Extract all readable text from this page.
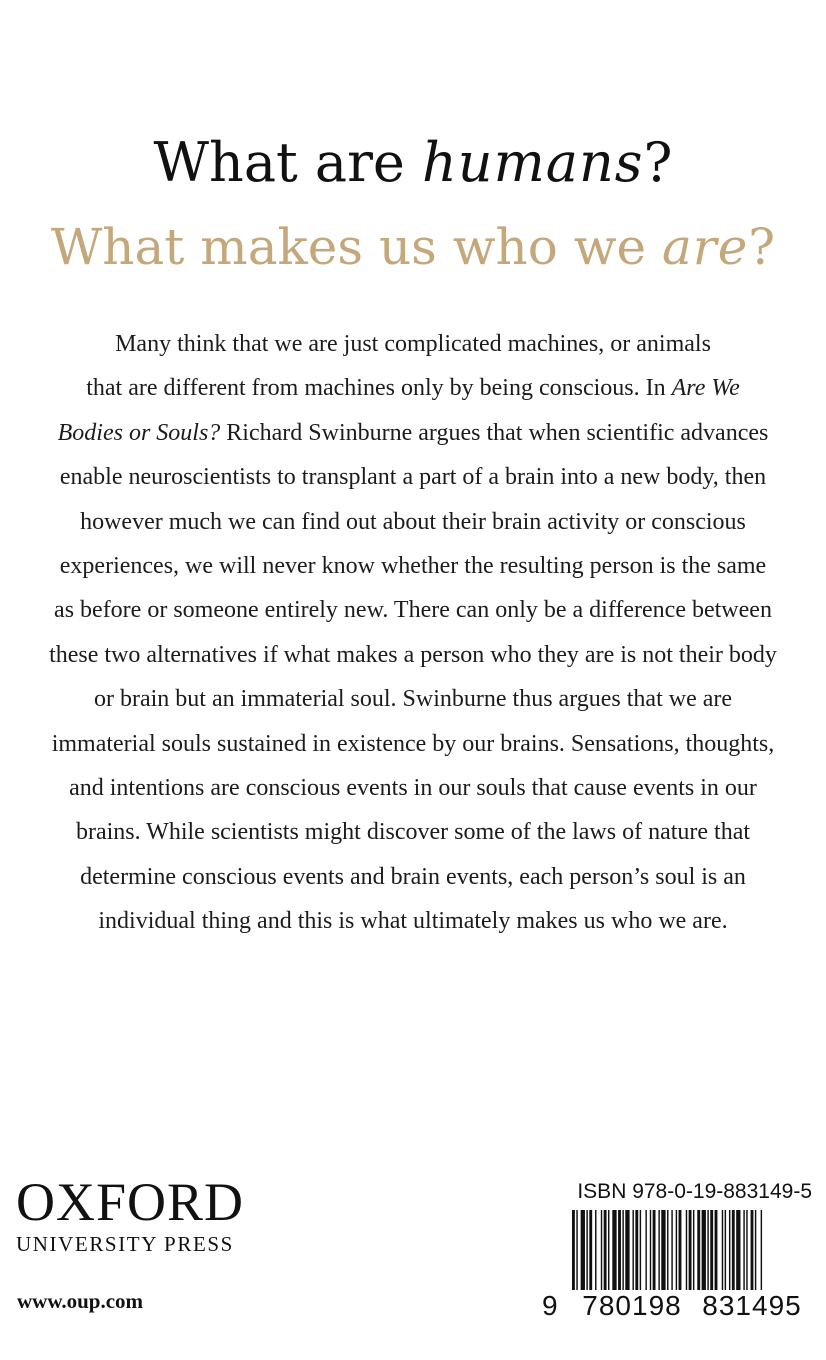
What are humans?
What makes us who we are?
Many think that we are just complicated machines, or animals
that are different from machines only by being conscious. In Are We
Bodies or Souls? Richard Swinburne argues that when scientific advances
enable neuroscientists to transplant a part of a brain into a new body, then
however much we can find out about their brain activity or conscious
experiences, we will never know whether the resulting person is the same
as before or someone entirely new. There can only be a difference between
these two alternatives if what makes a person who they are is not their body
or brain but an immaterial soul. Swinburne thus argues that we are
immaterial souls sustained in existence by our brains. Sensations, thoughts,
and intentions are conscious events in our souls that cause events in our
brains. While scientists might discover some of the laws of nature that
determine conscious events and brain events, each person’s soul is an
individual thing and this is what ultimately makes us who we are.
OXFORD
UNIVERSITY PRESS
www.oup.com
ISBN 978-0-19-883149-5
9 780198 831495
